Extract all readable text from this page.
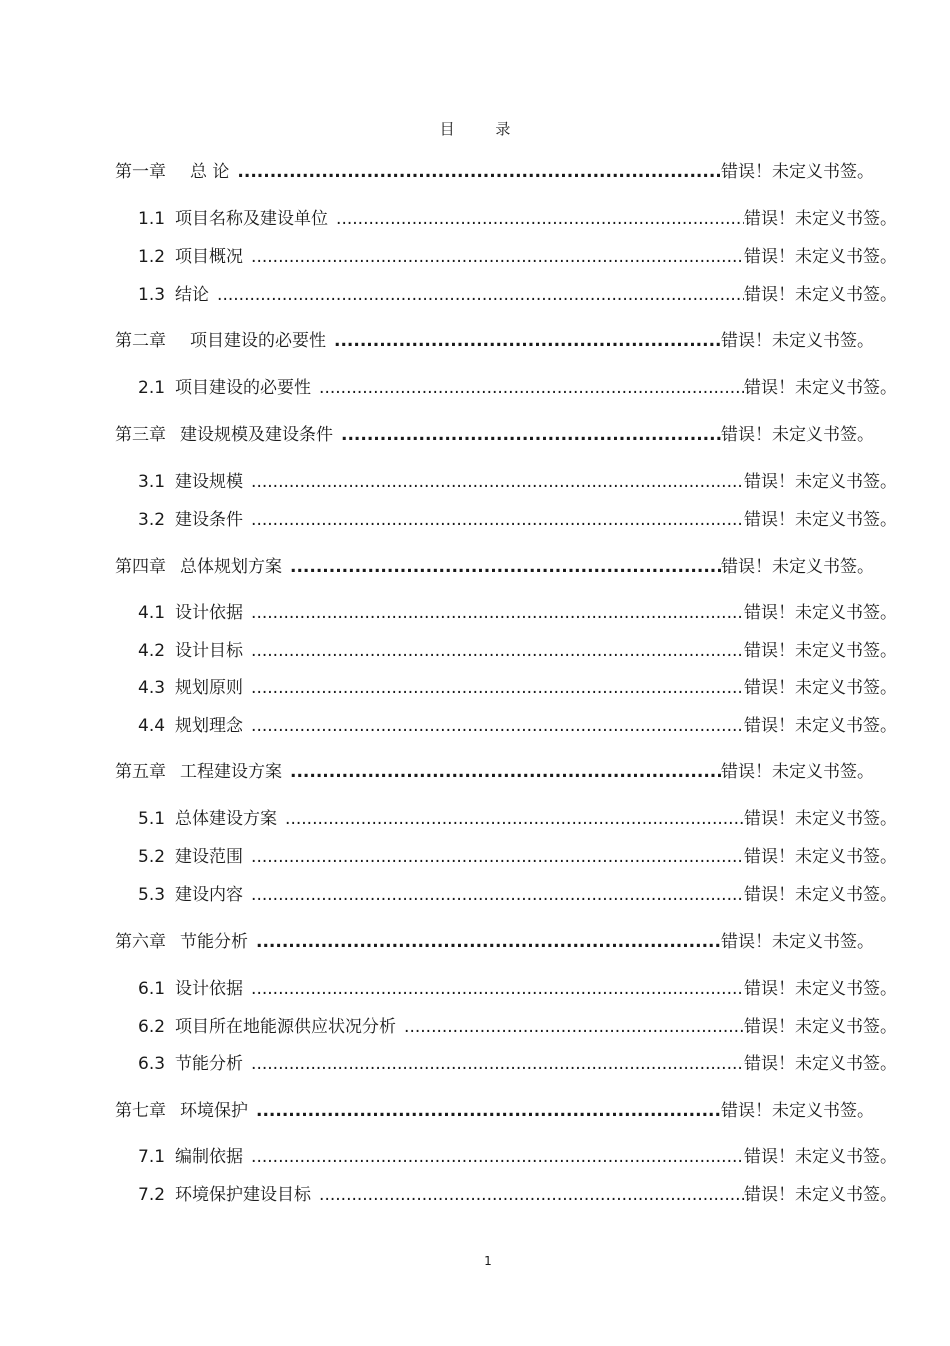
目 录
第一章 总 论 .....	错误！未定义书签。
1.1 项目名称及建设单位 .....	错误！未定义书签。
1.2 项目概况 .....	错误！未定义书签。
1.3 结论 .....	错误！未定义书签。
第二章 项目建设的必要性 .....	错误！未定义书签。
2.1 项目建设的必要性 .....	错误！未定义书签。
第三章 建设规模及建设条件 .....	错误！未定义书签。
3.1 建设规模 .....	错误！未定义书签。
3.2 建设条件 .....	错误！未定义书签。
第四章 总体规划方案 .....	错误！未定义书签。
4.1 设计依据 .....	错误！未定义书签。
4.2 设计目标 .....	错误！未定义书签。
4.3 规划原则 .....	错误！未定义书签。
4.4 规划理念 .....	错误！未定义书签。
第五章 工程建设方案 .....	错误！未定义书签。
5.1 总体建设方案 .....	错误！未定义书签。
5.2 建设范围 .....	错误！未定义书签。
5.3 建设内容 .....	错误！未定义书签。
第六章 节能分析 .....	错误！未定义书签。
6.1 设计依据 .....	错误！未定义书签。
6.2 项目所在地能源供应状况分析 .....	错误！未定义书签。
6.3 节能分析 .....	错误！未定义书签。
第七章 环境保护 .....	错误！未定义书签。
7.1 编制依据 .....	错误！未定义书签。
7.2 环境保护建设目标 .....	错误！未定义书签。
1
